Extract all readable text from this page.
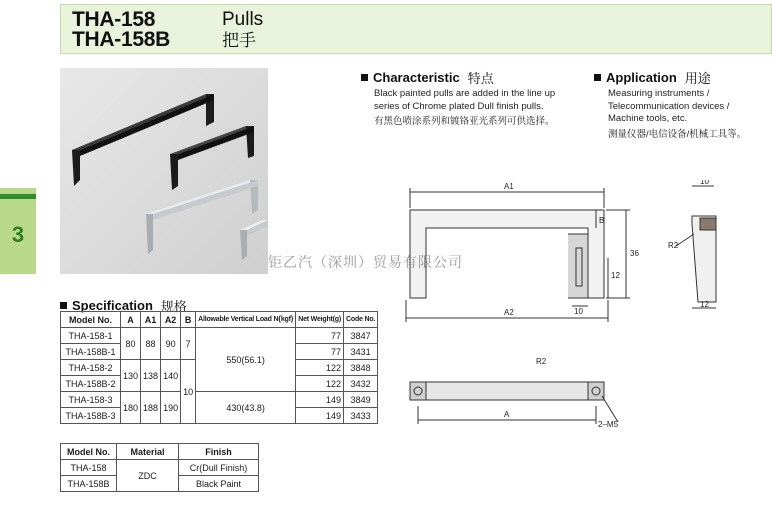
THA-158
THA-158B
Pulls
把手
3
Characteristic 特点
Black painted pulls are added in the line up
series of Chrome plated Dull finish pulls.
有黑色喷涂系列和镀铬亚光系列可供选择。
Application 用途
Measuring instruments /
Telecommunication devices /
Machine tools, etc.
测量仪器/电信设备/机械工具等。
A1
A2
B
36
12
10
A
R2
2–M5
10
12
R2
钜乙汽（深圳）贸易有限公司
Specification 规格
Model No.	A	A1	A2	B	Allowable Vertical Load N{kgf}	Net Weight(g)	Code No.
THA-158-1	80	88	90	7	550(56.1)	77	3847
THA-158B-1						77	3431
THA-158-2	130	138	140	10		122	3848
THA-158B-2						122	3432
THA-158-3	180	188	190		430(43.8)	149	3849
THA-158B-3						149	3433
Model No.	Material	Finish
THA-158	ZDC	Cr(Dull Finish)
THA-158B		Black Paint
